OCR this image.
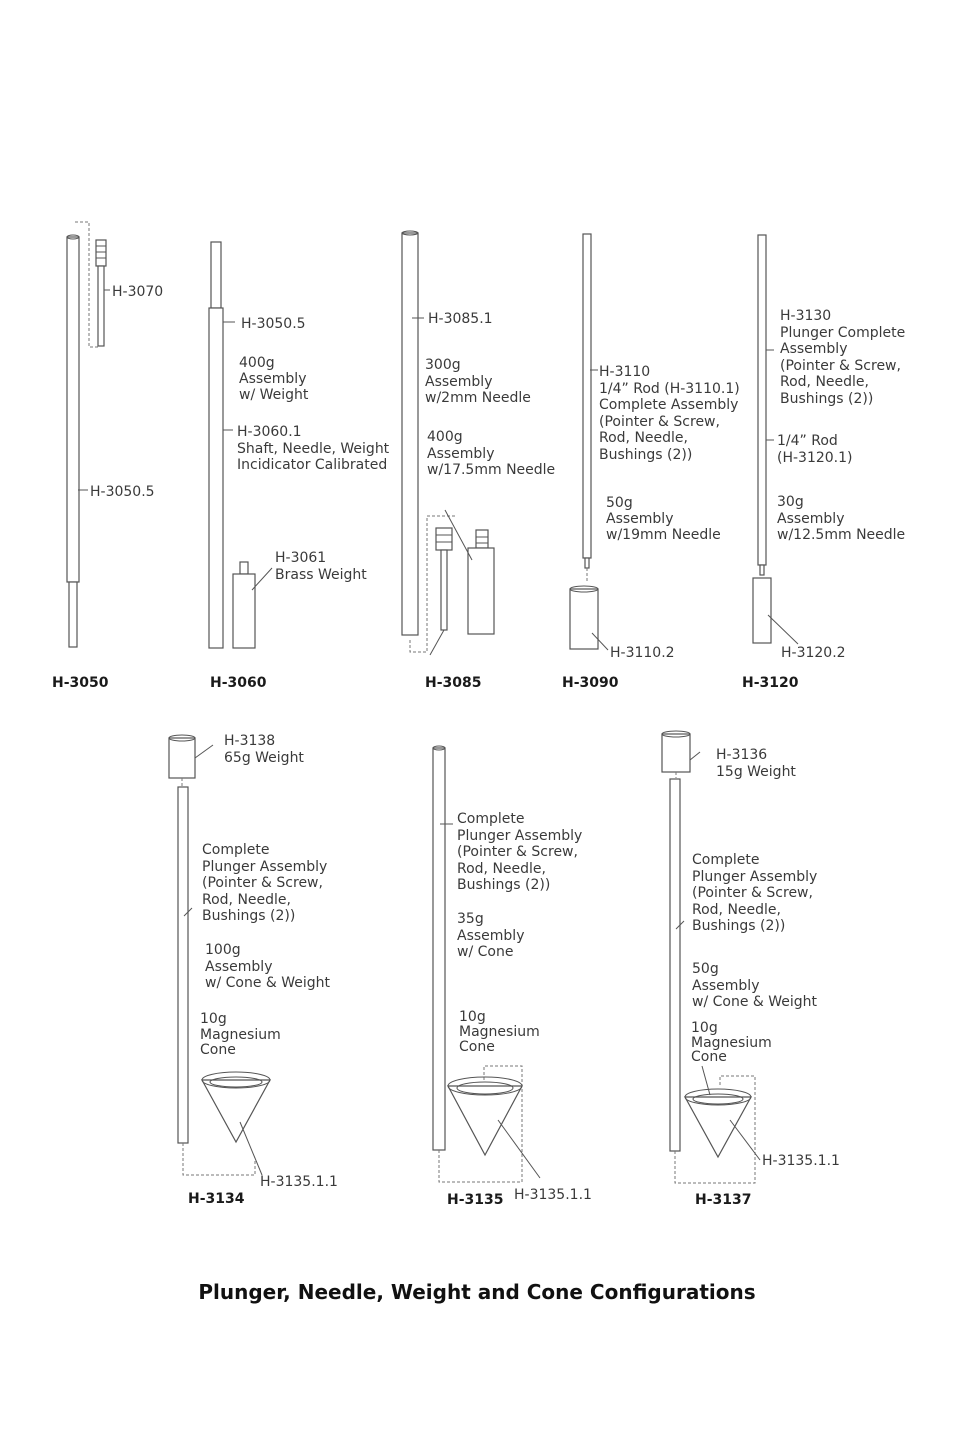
H-3070
H-3050.5
H-3050
H-3050.5
400g
Assembly
w/ Weight
H-3060.1
Shaft, Needle, Weight
Incidicator Calibrated
H-3061
Brass Weight
H-3060
H-3085.1
300g
Assembly
w/2mm Needle
400g
Assembly
w/17.5mm Needle
H-3085
H-3110
1/4” Rod (H-3110.1)
Complete Assembly
(Pointer & Screw,
Rod, Needle,
Bushings (2))
50g
Assembly
w/19mm Needle
H-3110.2
H-3090
H-3130
Plunger Complete
Assembly
(Pointer & Screw,
Rod, Needle,
Bushings (2))
1/4” Rod
(H-3120.1)
30g
Assembly
w/12.5mm Needle
H-3120.2
H-3120
H-3138
65g Weight
Complete
Plunger Assembly
(Pointer & Screw,
Rod, Needle,
Bushings (2))
100g
Assembly
w/ Cone & Weight
10g
Magnesium
Cone
H-3135.1.1
H-3134
Complete
Plunger Assembly
(Pointer & Screw,
Rod, Needle,
Bushings (2))
35g
Assembly
w/ Cone
10g
Magnesium
Cone
H-3135.1.1
H-3135
H-3136
15g Weight
Complete
Plunger Assembly
(Pointer & Screw,
Rod, Needle,
Bushings (2))
50g
Assembly
w/ Cone & Weight
10g
Magnesium
Cone
H-3135.1.1
H-3137
Plunger, Needle, Weight and Cone Configurations
